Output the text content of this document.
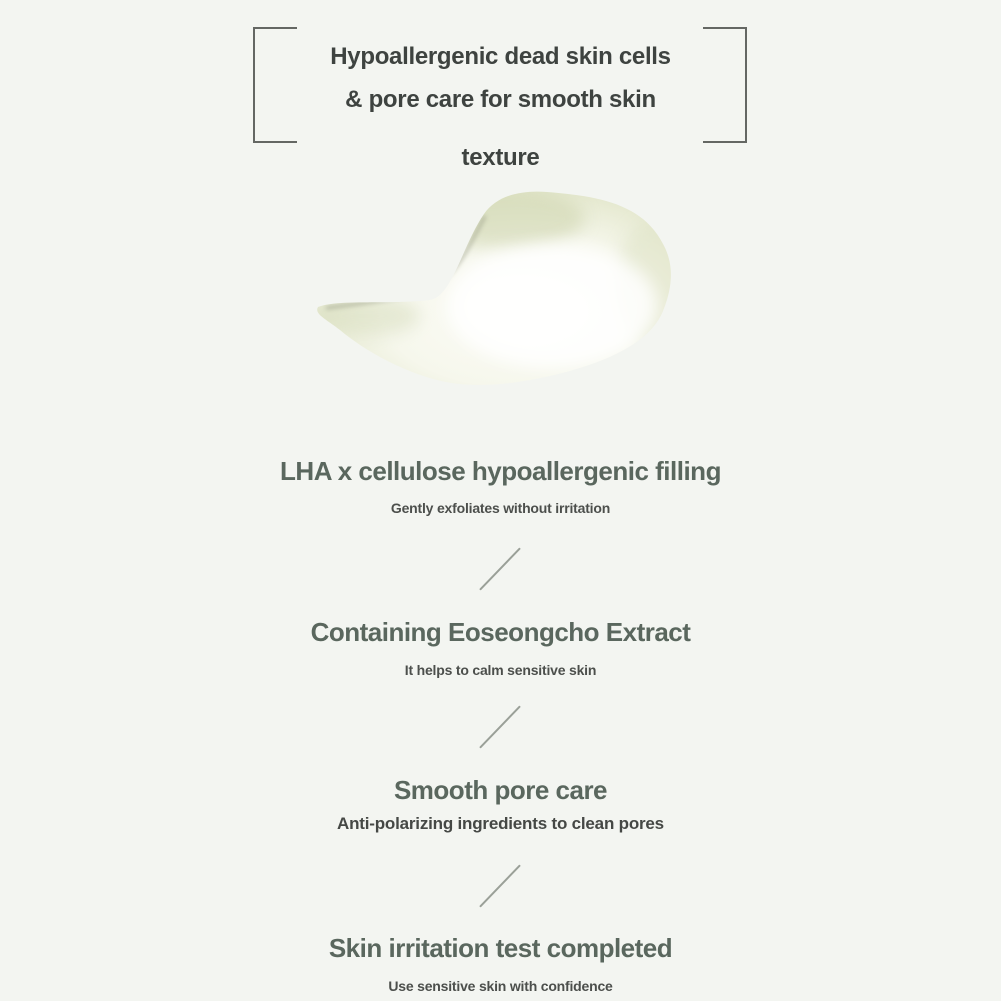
Hypoallergenic dead skin cells
& pore care for smooth skin
texture
LHA x cellulose hypoallergenic filling
Gently exfoliates without irritation
Containing Eoseongcho Extract
It helps to calm sensitive skin
Smooth pore care
Anti-polarizing ingredients to clean pores
Skin irritation test completed
Use sensitive skin with confidence
